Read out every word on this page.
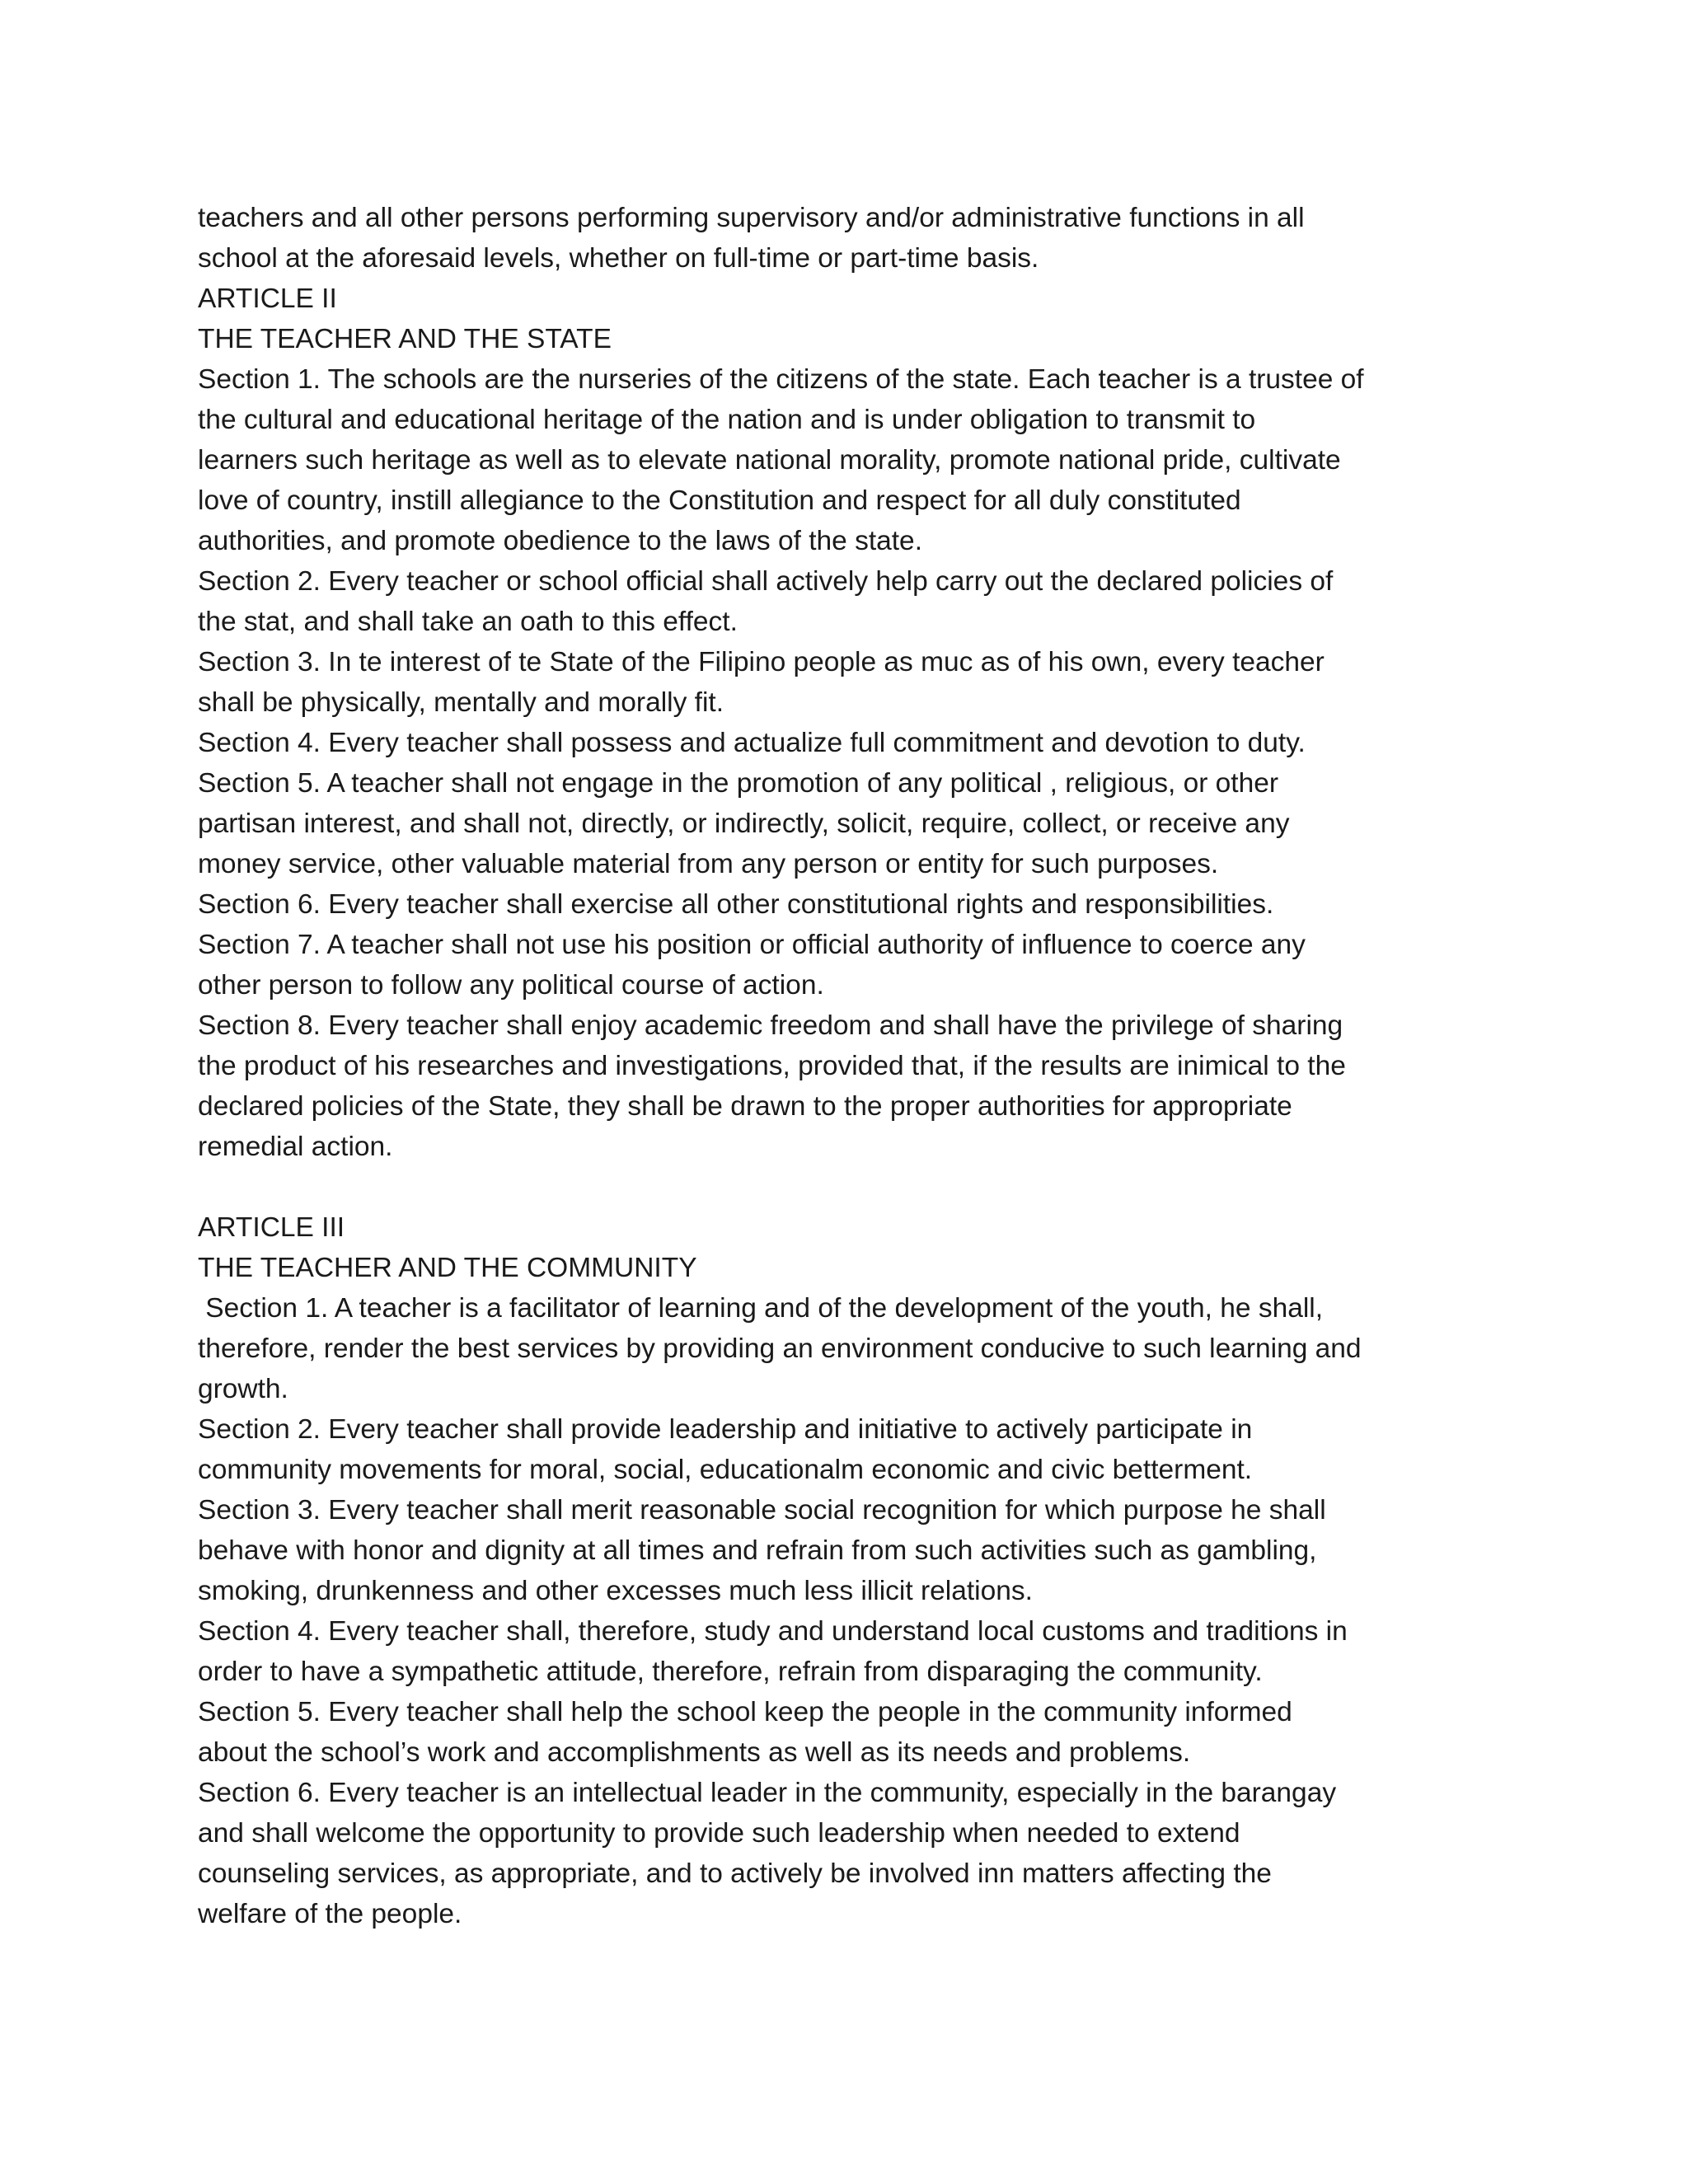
teachers and all other persons performing supervisory and/or administrative functions in all
school at the aforesaid levels, whether on full-time or part-time basis.
ARTICLE II
THE TEACHER AND THE STATE
Section 1. The schools are the nurseries of the citizens of the state. Each teacher is a trustee of
the cultural and educational heritage of the nation and is under obligation to transmit to
learners such heritage as well as to elevate national morality, promote national pride, cultivate
love of country, instill allegiance to the Constitution and respect for all duly constituted
authorities, and promote obedience to the laws of the state.
Section 2. Every teacher or school official shall actively help carry out the declared policies of
the stat, and shall take an oath to this effect.
Section 3. In te interest of te State of the Filipino people as muc as of his own, every teacher
shall be physically, mentally and morally fit.
Section 4. Every teacher shall possess and actualize full commitment and devotion to duty.
Section 5. A teacher shall not engage in the promotion of any political , religious, or other
partisan interest, and shall not, directly, or indirectly, solicit, require, collect, or receive any
money service, other valuable material from any person or entity for such purposes.
Section 6. Every teacher shall exercise all other constitutional rights and responsibilities.
Section 7. A teacher shall not use his position or official authority of influence to coerce any
other person to follow any political course of action.
Section 8. Every teacher shall enjoy academic freedom and shall have the privilege of sharing
the product of his researches and investigations, provided that, if the results are inimical to the
declared policies of the State, they shall be drawn to the proper authorities for appropriate
remedial action.
ARTICLE III
THE TEACHER AND THE COMMUNITY
Section 1. A teacher is a facilitator of learning and of the development of the youth, he shall,
therefore, render the best services by providing an environment conducive to such learning and
growth.
Section 2. Every teacher shall provide leadership and initiative to actively participate in
community movements for moral, social, educationalm economic and civic betterment.
Section 3. Every teacher shall merit reasonable social recognition for which purpose he shall
behave with honor and dignity at all times and refrain from such activities such as gambling,
smoking, drunkenness and other excesses much less illicit relations.
Section 4. Every teacher shall, therefore, study and understand local customs and traditions in
order to have a sympathetic attitude, therefore, refrain from disparaging the community.
Section 5. Every teacher shall help the school keep the people in the community informed
about the school’s work and accomplishments as well as its needs and problems.
Section 6. Every teacher is an intellectual leader in the community, especially in the barangay
and shall welcome the opportunity to provide such leadership when needed to extend
counseling services, as appropriate, and to actively be involved inn matters affecting the
welfare of the people.
